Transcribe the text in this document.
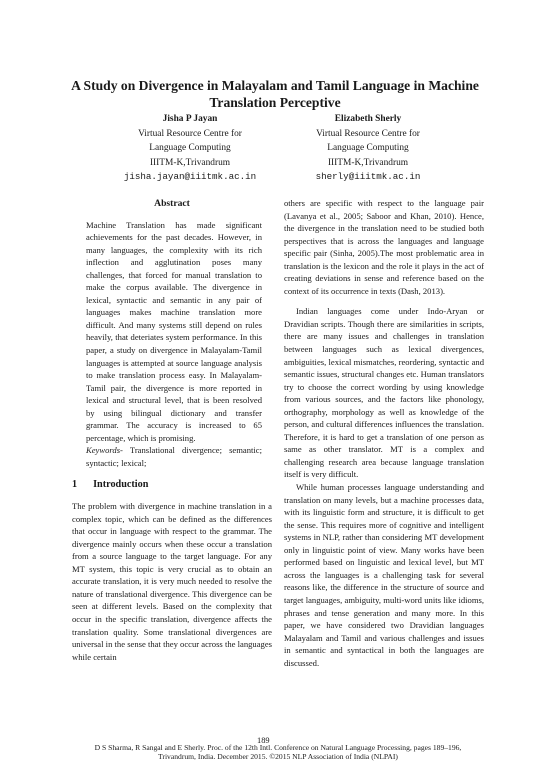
A Study on Divergence in Malayalam and Tamil Language in Machine
Translation Perceptive
Jisha P Jayan
Virtual Resource Centre for
Language Computing
IIITM-K,Trivandrum
jisha.jayan@iiitmk.ac.in
Elizabeth Sherly
Virtual Resource Centre for
Language Computing
IIITM-K,Trivandrum
sherly@iiitmk.ac.in
Abstract

Machine Translation has made significant achievements for the past decades. However, in many languages, the complexity with its rich inflection and agglutination poses many challenges, that forced for manual translation to make the corpus available. The divergence in lexical, syntactic and semantic in any pair of languages makes machine translation more difficult. And many systems still depend on rules heavily, that deteriates system performance. In this paper, a study on divergence in Malayalam-Tamil languages is attempted at source language analysis to make translation process easy. In Malayalam-Tamil pair, the divergence is more reported in lexical and structural level, that is been resolved by using bilingual dictionary and transfer grammar. The accuracy is increased to 65 percentage, which is promising.

Keywords- Translational divergence; semantic; syntactic; lexical;

1 Introduction

The problem with divergence in machine translation in a complex topic, which can be defined as the differences that occur in language with respect to the grammar. The divergence mainly occurs when these occur a translation from a source language to the target language. For any MT system, this topic is very crucial as to obtain an accurate translation, it is very much needed to resolve the nature of translational divergence. This divergence can be seen at different levels. Based on the complexity that occur in the specific translation, divergence affects the translation quality. Some translational divergences are universal in the sense that they occur across the languages while certain

others are specific with respect to the language pair (Lavanya et al., 2005; Saboor and Khan, 2010). Hence, the divergence in the translation need to be studied both perspectives that is across the languages and language specific pair (Sinha, 2005).The most problematic area in translation is the lexicon and the role it plays in the act of creating deviations in sense and reference based on the context of its occurrence in texts (Dash, 2013).

Indian languages come under Indo-Aryan or Dravidian scripts. Though there are similarities in scripts, there are many issues and challenges in translation between languages such as lexical divergences, ambiguities, lexical mismatches, reordering, syntactic and semantic issues, structural changes etc. Human translators try to choose the correct wording by using knowledge from various sources, and the factors like phonology, orthography, morphology as well as knowledge of the person, and cultural differences influences the translation. Therefore, it is hard to get a translation of one person as same as other translator. MT is a complex and challenging research area because language translation itself is very difficult.

While human processes language understanding and translation on many levels, but a machine processes data, with its linguistic form and structure, it is difficult to get the sense. This requires more of cognitive and intelligent systems in NLP, rather than considering MT development only in linguistic point of view. Many works have been performed based on linguistic and lexical level, but MT across the languages is a challenging task for several reasons like, the difference in the structure of source and target languages, ambiguity, multi-word units like idioms, phrases and tense generation and many more. In this paper, we have considered two Dravidian languages Malayalam and Tamil and various challenges and issues in semantic and syntactical in both the languages are discussed.

189
D S Sharma, R Sangal and E Sherly. Proc. of the 12th Intl. Conference on Natural Language Processing, pages 189–196,
Trivandrum, India. December 2015. ©2015 NLP Association of India (NLPAI)
